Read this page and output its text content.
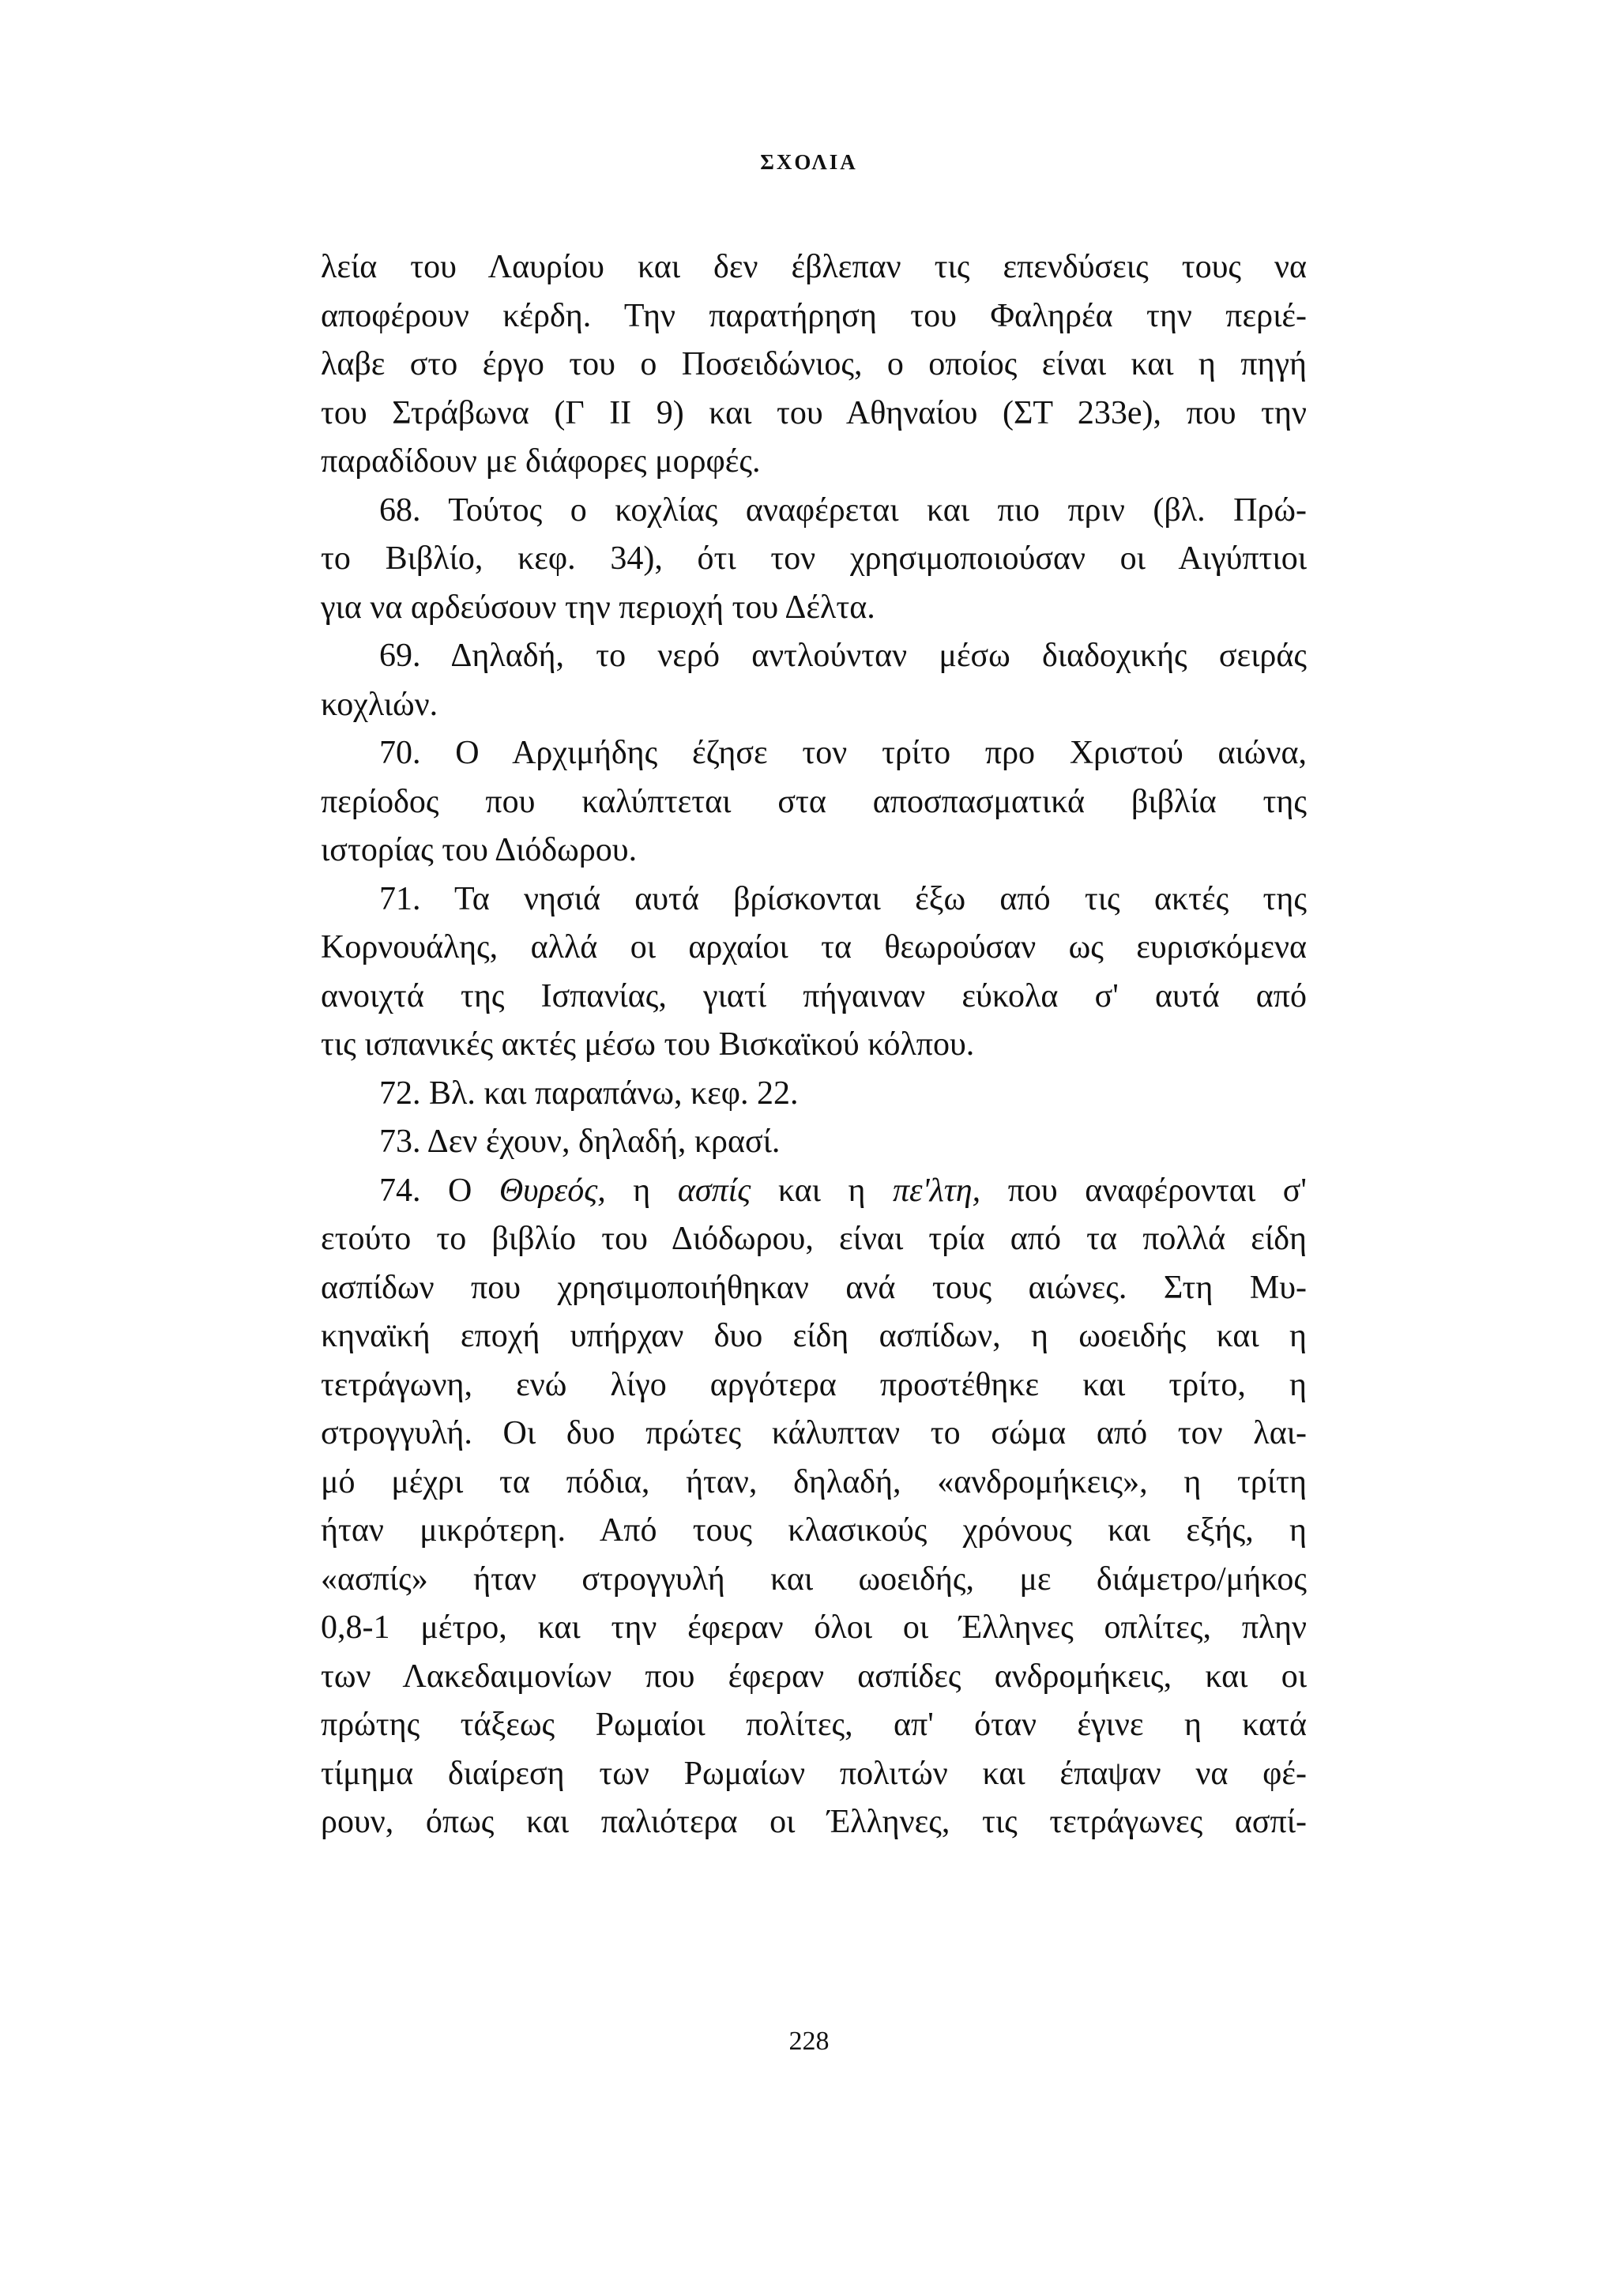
ΣΧΟΛΙΑ
λεία του Λαυρίου και δεν έβλεπαν τις επενδύσεις τους να
αποφέρουν κέρδη. Την παρατήρηση του Φαληρέα την περιέ-
λαβε στο έργο του ο Ποσειδώνιος, ο οποίος είναι και η πηγή
του Στράβωνα (Γ ΙΙ 9) και του Αθηναίου (ΣΤ 233e), που την
παραδίδουν με διάφορες μορφές.
68. Τούτος ο κοχλίας αναφέρεται και πιο πριν (βλ. Πρώ-
το Βιβλίο, κεφ. 34), ότι τον χρησιμοποιούσαν οι Αιγύπτιοι
για να αρδεύσουν την περιοχή του Δέλτα.
69. Δηλαδή, το νερό αντλούνταν μέσω διαδοχικής σειράς
κοχλιών.
70. Ο Αρχιμήδης έζησε τον τρίτο προ Χριστού αιώνα,
περίοδος που καλύπτεται στα αποσπασματικά βιβλία της
ιστορίας του Διόδωρου.
71. Τα νησιά αυτά βρίσκονται έξω από τις ακτές της
Κορνουάλης, αλλά οι αρχαίοι τα θεωρούσαν ως ευρισκόμενα
ανοιχτά της Ισπανίας, γιατί πήγαιναν εύκολα σ' αυτά από
τις ισπανικές ακτές μέσω του Βισκαϊκού κόλπου.
72. Βλ. και παραπάνω, κεφ. 22.
73. Δεν έχουν, δηλαδή, κρασί.
74. Ο Θυρεός, η ασπίς και η πε'λτη, που αναφέρονται σ'
ετούτο το βιβλίο του Διόδωρου, είναι τρία από τα πολλά είδη
ασπίδων που χρησιμοποιήθηκαν ανά τους αιώνες. Στη Μυ-
κηναϊκή εποχή υπήρχαν δυο είδη ασπίδων, η ωοειδής και η
τετράγωνη, ενώ λίγο αργότερα προστέθηκε και τρίτο, η
στρογγυλή. Οι δυο πρώτες κάλυπταν το σώμα από τον λαι-
μό μέχρι τα πόδια, ήταν, δηλαδή, «ανδρομήκεις», η τρίτη
ήταν μικρότερη. Από τους κλασικούς χρόνους και εξής, η
«ασπίς» ήταν στρογγυλή και ωοειδής, με διάμετρο/μήκος
0,8-1 μέτρο, και την έφεραν όλοι οι Έλληνες οπλίτες, πλην
των Λακεδαιμονίων που έφεραν ασπίδες ανδρομήκεις, και οι
πρώτης τάξεως Ρωμαίοι πολίτες, απ' όταν έγινε η κατά
τίμημα διαίρεση των Ρωμαίων πολιτών και έπαψαν να φέ-
ρουν, όπως και παλιότερα οι Έλληνες, τις τετράγωνες ασπί-
228
